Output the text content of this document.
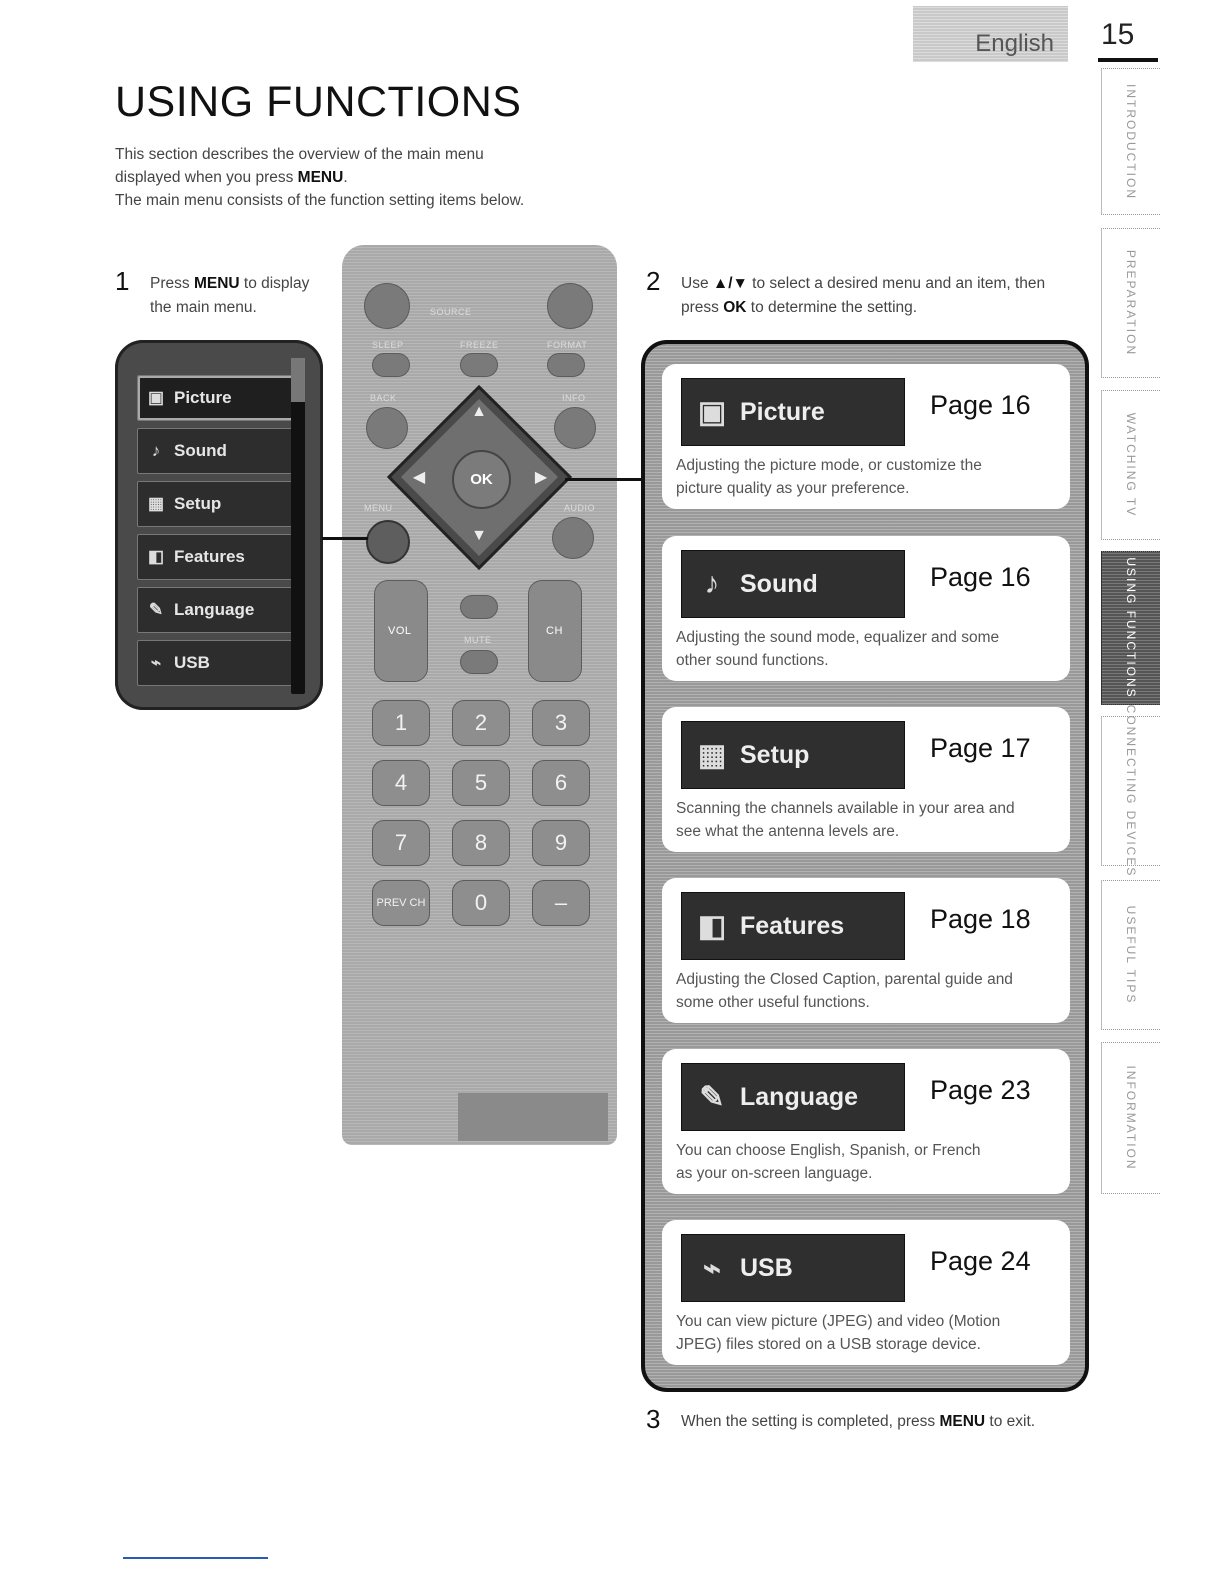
English 15
USING FUNCTIONS
This section describes the overview of the main menu
displayed when you press MENU.
The main menu consists of the function setting items below.
1 Press MENU to display
the main menu.
2 Use ▲/▼ to select a desired menu and an item, then
press OK to determine the setting.
▣ Picture
♪ Sound
▦ Setup
◧ Features
✎ Language
⌁ USB
SOURCE
SLEEP	FREEZE	FORMAT
BACK	INFO
▲
▼
◀	▶
OK
MENU	AUDIO
VOL	CH
MUTE
1	2	3
4	5	6
7	8	9
PREV CH	0	–
▣ Picture	Page 16
Adjusting the picture mode, or customize the
picture quality as your preference.
♪ Sound	Page 16
Adjusting the sound mode, equalizer and some
other sound functions.
▦ Setup	Page 17
Scanning the channels available in your area and
see what the antenna levels are.
◧ Features	Page 18
Adjusting the Closed Caption, parental guide and
some other useful functions.
✎ Language	Page 23
You can choose English, Spanish, or French
as your on-screen language.
⌁ USB	Page 24
You can view picture (JPEG) and video (Motion
JPEG) files stored on a USB storage device.
3 When the setting is completed, press MENU to exit.
INTRODUCTION
PREPARATION
WATCHING TV
USING FUNCTIONS
CONNECTING DEVICES
USEFUL TIPS
INFORMATION
